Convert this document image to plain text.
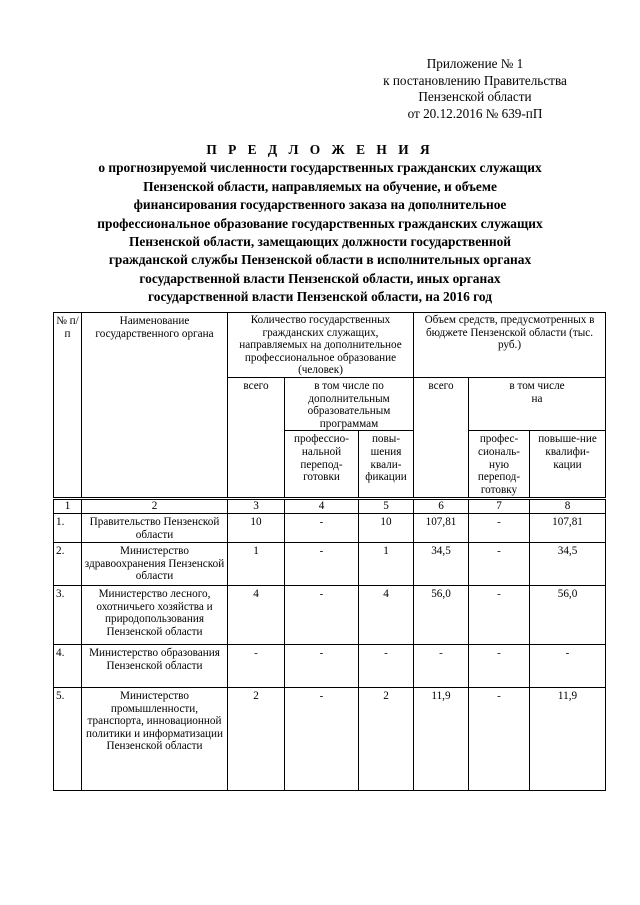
Приложение № 1
к постановлению Правительства
Пензенской области
от 20.12.2016 № 639-пП
П Р Е Д Л О Ж Е Н И Я
о прогнозируемой численности государственных гражданских служащих
Пензенской области, направляемых на обучение, и объеме
финансирования государственного заказа на дополнительное
профессиональное образование государственных гражданских служащих
Пензенской области, замещающих должности государственной
гражданской службы Пензенской области в исполнительных органах
государственной власти Пензенской области, иных органах
государственной власти Пензенской области, на 2016 год
№ п/п	Наименование государственного органа	Количество государственных гражданских служащих, направляемых на дополнительное профессиональное образование (человек)			Объем средств, предусмотренных в бюджете Пензенской области (тыс. руб.)		
		всего	в том числе по дополнительным образовательным программам		всего	в том числе на	
			профессио-нальной перепод-готовки	повы-шения квали-фикации		профес-сиональ-ную перепод-готовку	повыше-ние квалифи-кации

1	2	3	4	5	6	7	8
1.	Правительство Пензенской области	10	-	10	107,81	-	107,81
2.	Министерство здравоохранения Пензенской области	1	-	1	34,5	-	34,5
3.	Министерство лесного, охотничьего хозяйства и природопользования Пензенской области	4	-	4	56,0	-	56,0
4.	Министерство образования Пензенской области	-	-	-	-	-	-
5.	Министерство промышленности, транспорта, инновационной политики и информатизации Пензенской области	2	-	2	11,9	-	11,9
